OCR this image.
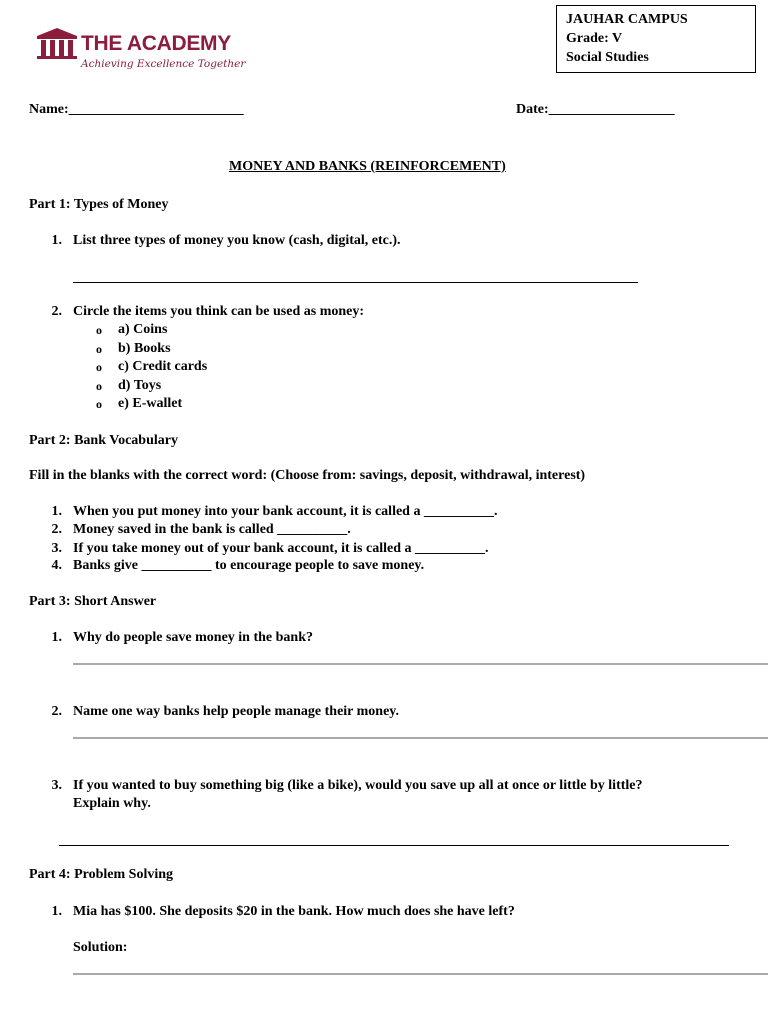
THE ACADEMY
Achieving Excellence Together
JAUHAR CAMPUS
Grade: V
Social Studies
Name:_________________________	Date:__________________
MONEY AND BANKS (REINFORCEMENT)
Part 1: Types of Money
1. List three types of money you know (cash, digital, etc.).
2. Circle the items you think can be used as money:
o a) Coins
o b) Books
o c) Credit cards
o d) Toys
o e) E-wallet
Part 2: Bank Vocabulary
Fill in the blanks with the correct word: (Choose from: savings, deposit, withdrawal, interest)
1. When you put money into your bank account, it is called a __________.
2. Money saved in the bank is called __________.
3. If you take money out of your bank account, it is called a __________.
4. Banks give __________ to encourage people to save money.
Part 3: Short Answer
1. Why do people save money in the bank?
2. Name one way banks help people manage their money.
3. If you wanted to buy something big (like a bike), would you save up all at once or little by little?
Explain why.
Part 4: Problem Solving
1. Mia has $100. She deposits $20 in the bank. How much does she have left?
Solution:
